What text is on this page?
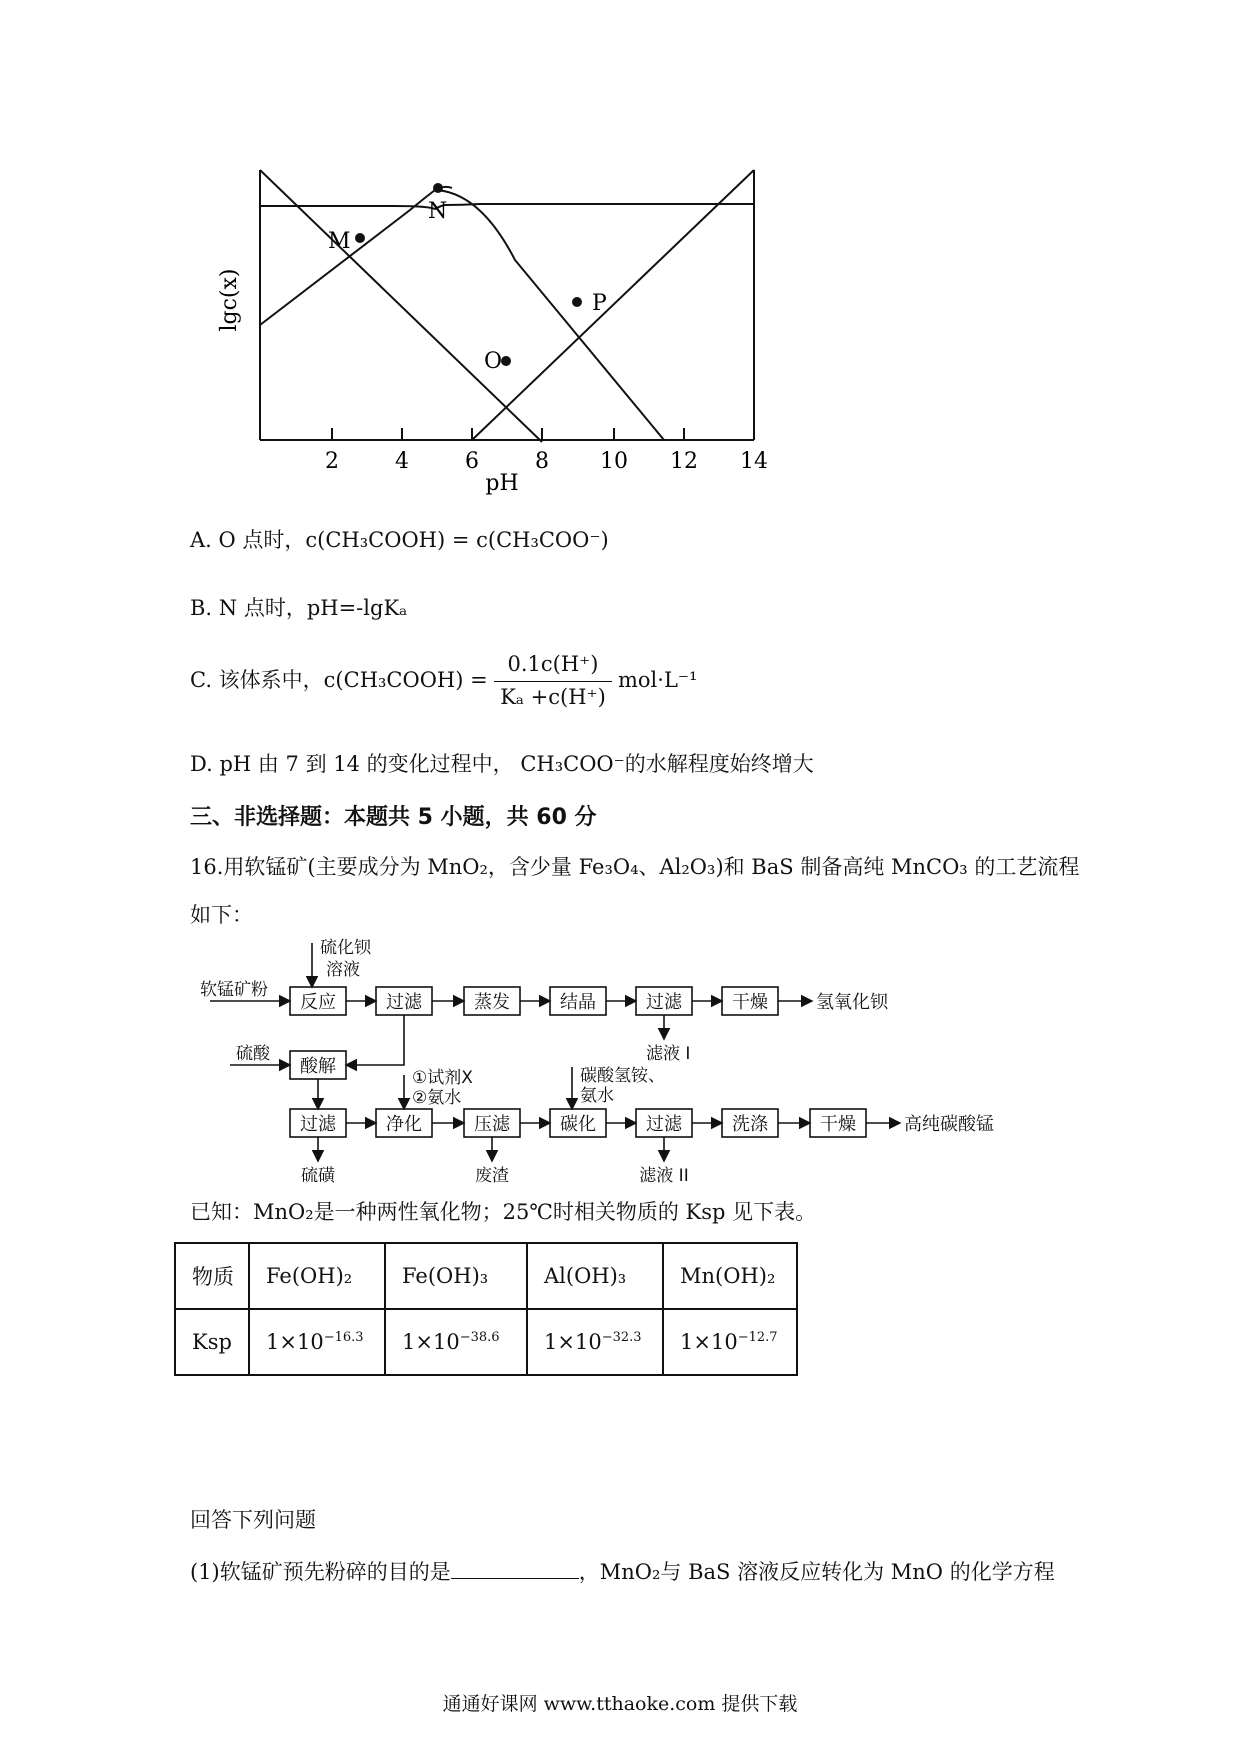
M
N
O
P
2	4	6	8 10 12 14
pH
lgc(x)
A. O 点时，c(CH₃COOH) = c(CH₃COO⁻)
B. N 点时，pH=-lgKₐ
C. 该体系中，c(CH₃COOH) =
0.1c(H⁺)
Kₐ +c(H⁺)
mol·L⁻¹
D. pH 由 7 到 14 的变化过程中， CH₃COO⁻的水解程度始终增大
三、非选择题：本题共 5 小题，共 60 分
16.用软锰矿(主要成分为 MnO₂，含少量 Fe₃O₄、Al₂O₃)和 BaS 制备高纯 MnCO₃ 的工艺流程
如下：
反应	过滤	蒸发	结晶	过滤	干燥	氢氧化钡
软锰矿粉
硫化钡
溶液
滤液 I
硫酸
酸解
过滤	净化	压滤	碳化	过滤	洗涤	干燥	高纯碳酸锰
①试剂X
②氨水
碳酸氢铵、
氨水
硫磺	废渣	滤液 II
已知：MnO₂是一种两性氧化物；25℃时相关物质的 Ksp 见下表。
物质	Fe(OH)₂	Fe(OH)₃	Al(OH)₃	Mn(OH)₂
Ksp	$1\times 10^{-16.3}$	$1\times 10^{-38.6}$	$1\times 10^{-32.3}$	$1\times 10^{-12.7}$
回答下列问题
(1)软锰矿预先粉碎的目的是	，MnO₂与 BaS 溶液反应转化为 MnO 的化学方程
通通好课网 www.tthaoke.com 提供下载
